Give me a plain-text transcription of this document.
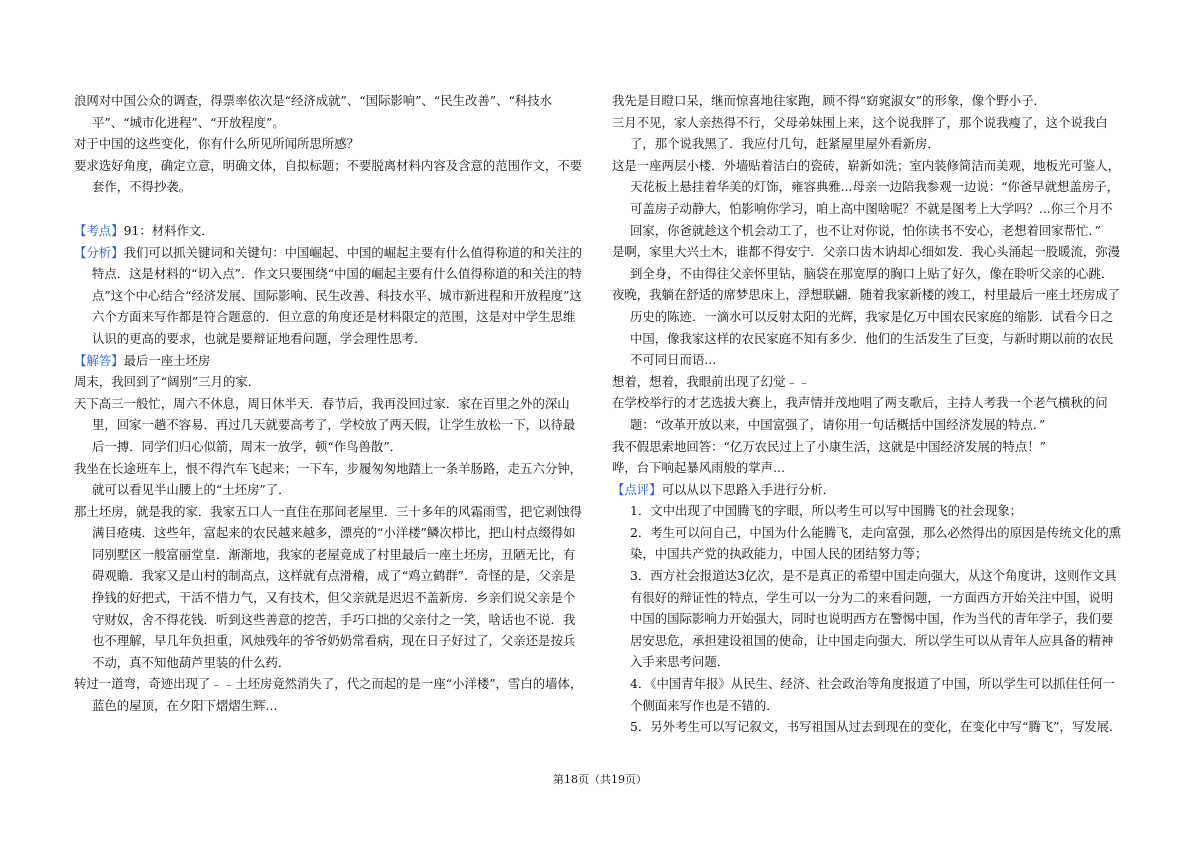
浪网对中国公众的调查，得票率依次是“经济成就”、“国际影响”、“民生改善”、“科技水平”、“城市化进程”、“开放程度”。

对于中国的这些变化，你有什么所见所闻所思所感？

要求选好角度，确定立意，明确文体，自拟标题；不要脱离材料内容及含意的范围作文，不要套作，不得抄袭。

【考点】91：材料作文．

【分析】我们可以抓关键词和关键句：中国崛起、中国的崛起主要有什么值得称道的和关注的特点．这是材料的“切入点”．作文只要围绕“中国的崛起主要有什么值得称道的和关注的特点”这个中心结合“经济发展、国际影响、民生改善、科技水平、城市新进程和开放程度”这六个方面来写作都是符合题意的．但立意的角度还是材料限定的范围，这是对中学生思维认识的更高的要求，也就是要辩证地看问题，学会理性思考．

【解答】最后一座土坯房

周末，我回到了“阔别”三月的家．

天下高三一般忙，周六不休息，周日休半天．春节后，我再没回过家．家在百里之外的深山里，回家一趟不容易．再过几天就要高考了，学校放了两天假，让学生放松一下，以待最后一搏．同学们归心似箭，周末一放学，顿“作鸟兽散”．

我坐在长途班车上，恨不得汽车飞起来；一下车，步履匆匆地踏上一条羊肠路，走五六分钟，就可以看见半山腰上的“土坯房”了．

那土坯房，就是我的家．我家五口人一直住在那间老屋里．三十多年的风霜雨雪，把它剥蚀得满目疮痍．这些年，富起来的农民越来越多，漂亮的“小洋楼”鳞次栉比，把山村点缀得如同别墅区一般富丽堂皇．渐渐地，我家的老屋竟成了村里最后一座土坯房，丑陋无比，有碍观瞻．我家又是山村的制高点，这样就有点滑稽，成了“鸡立鹤群”．奇怪的是，父亲是挣钱的好把式，干活不惜力气，又有技术，但父亲就是迟迟不盖新房．乡亲们说父亲是个守财奴，舍不得花钱．听到这些善意的挖苦，手巧口拙的父亲付之一笑，啥话也不说．我也不理解，早几年负担重，风烛残年的爷爷奶奶常看病，现在日子好过了，父亲还是按兵不动，真不知他葫芦里装的什么药．

转过一道弯，奇迹出现了﹣﹣土坯房竟然消失了，代之而起的是一座“小洋楼”，雪白的墙体，蓝色的屋顶，在夕阳下熠熠生辉...

我先是目瞪口呆，继而惊喜地往家跑，顾不得“窈窕淑女”的形象，像个野小子．

三月不见，家人亲热得不行，父母弟妹围上来，这个说我胖了，那个说我瘦了，这个说我白了，那个说我黑了．我应付几句，赶紧屋里屋外看新房．

这是一座两层小楼．外墙贴着洁白的瓷砖，崭新如洗；室内装修简洁而美观，地板光可鉴人，天花板上悬挂着华美的灯饰，雍容典雅...母亲一边陪我参观一边说：“你爸早就想盖房子，可盖房子动静大，怕影响你学习，咱上高中图啥呢？不就是图考上大学吗？...你三个月不回家，你爸就趁这个机会动工了，也不让对你说，怕你读书不安心，老想着回家帮忙．”

是啊，家里大兴土木，谁都不得安宁．父亲口齿木讷却心细如发．我心头涌起一股暖流，弥漫到全身，不由得往父亲怀里钻，脑袋在那宽厚的胸口上贴了好久，像在聆听父亲的心跳．

夜晚，我躺在舒适的席梦思床上，浮想联翩．随着我家新楼的竣工，村里最后一座土坯房成了历史的陈迹．一滴水可以反射太阳的光辉，我家是亿万中国农民家庭的缩影．试看今日之中国，像我家这样的农民家庭不知有多少．他们的生活发生了巨变，与新时期以前的农民不可同日而语...

想着，想着，我眼前出现了幻觉﹣﹣

在学校举行的才艺选拔大赛上，我声情并茂地唱了两支歌后，主持人考我一个老气横秋的问题：“改革开放以来，中国富强了，请你用一句话概括中国经济发展的特点．”

我不假思索地回答：“亿万农民过上了小康生活，这就是中国经济发展的特点！”

哗，台下响起暴风雨般的掌声...

【点评】可以从以下思路入手进行分析．

1．文中出现了中国腾飞的字眼，所以考生可以写中国腾飞的社会现象；

2．考生可以问自己，中国为什么能腾飞，走向富强，那么必然得出的原因是传统文化的熏染，中国共产党的执政能力，中国人民的团结努力等；

3．西方社会报道达3亿次，是不是真正的希望中国走向强大，从这个角度讲，这则作文具有很好的辩证性的特点，学生可以一分为二的来看问题，一方面西方开始关注中国，说明中国的国际影响力开始强大，同时也说明西方在警惕中国，作为当代的青年学子，我们要居安思危，承担建设祖国的使命，让中国走向强大．所以学生可以从青年人应具备的精神入手来思考问题．

4．《中国青年报》从民生、经济、社会政治等角度报道了中国，所以学生可以抓住任何一个侧面来写作也是不错的．

5．另外考生可以写记叙文，书写祖国从过去到现在的变化，在变化中写“腾飞”，写发展．

第18页（共19页）
